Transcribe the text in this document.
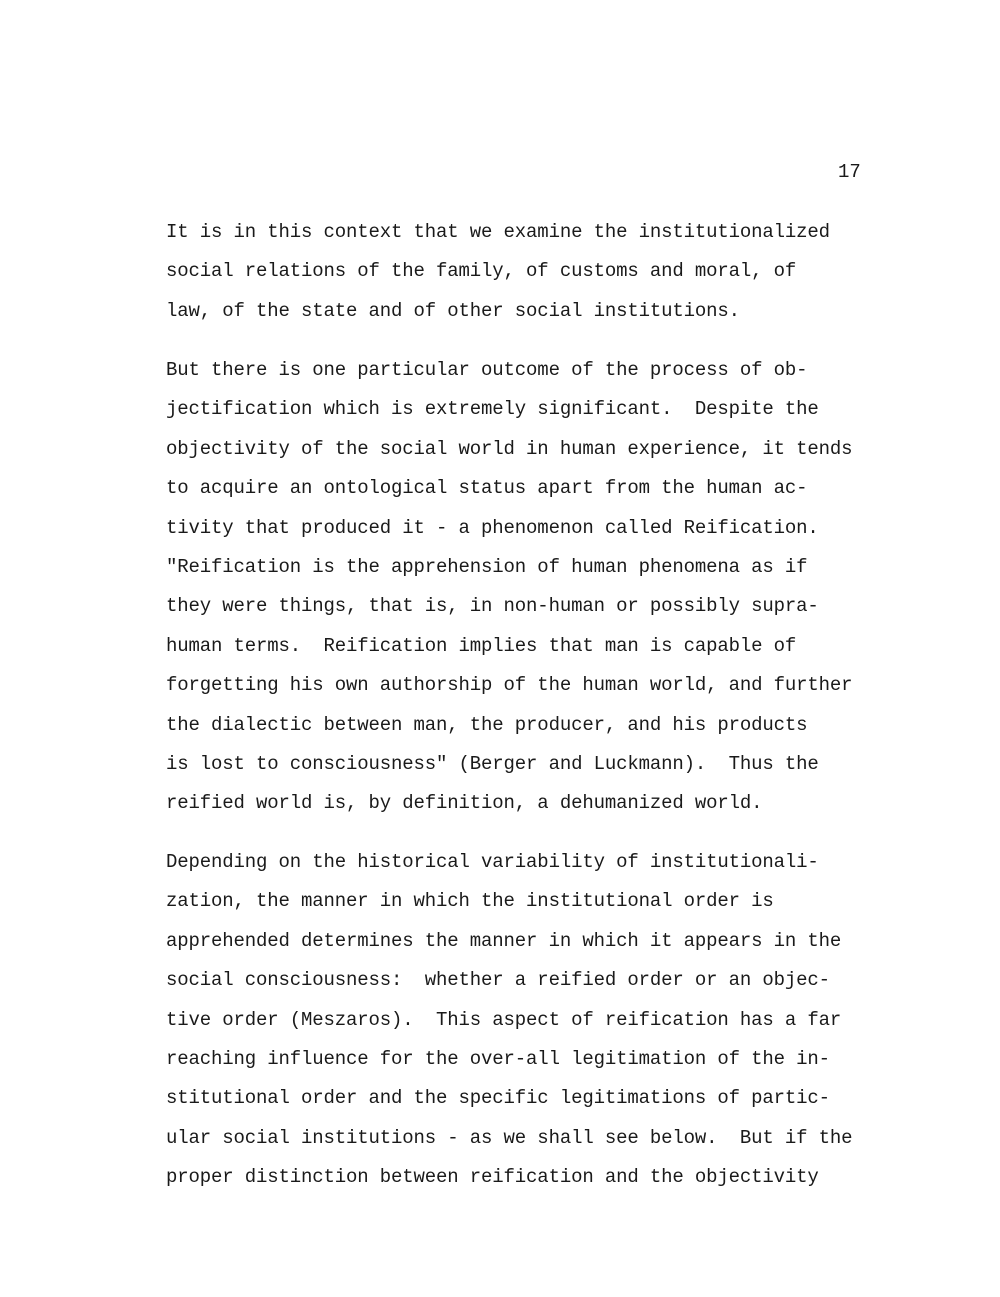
17
It is in this context that we examine the institutionalized
social relations of the family, of customs and moral, of
law, of the state and of other social institutions.
But there is one particular outcome of the process of ob-
jectification which is extremely significant.  Despite the
objectivity of the social world in human experience, it tends
to acquire an ontological status apart from the human ac-
tivity that produced it - a phenomenon called Reification.
"Reification is the apprehension of human phenomena as if
they were things, that is, in non-human or possibly supra-
human terms.  Reification implies that man is capable of
forgetting his own authorship of the human world, and further
the dialectic between man, the producer, and his products
is lost to consciousness" (Berger and Luckmann).  Thus the
reified world is, by definition, a dehumanized world.
Depending on the historical variability of institutionali-
zation, the manner in which the institutional order is
apprehended determines the manner in which it appears in the
social consciousness:  whether a reified order or an objec-
tive order (Meszaros).  This aspect of reification has a far
reaching influence for the over-all legitimation of the in-
stitutional order and the specific legitimations of partic-
ular social institutions - as we shall see below.  But if the
proper distinction between reification and the objectivity
